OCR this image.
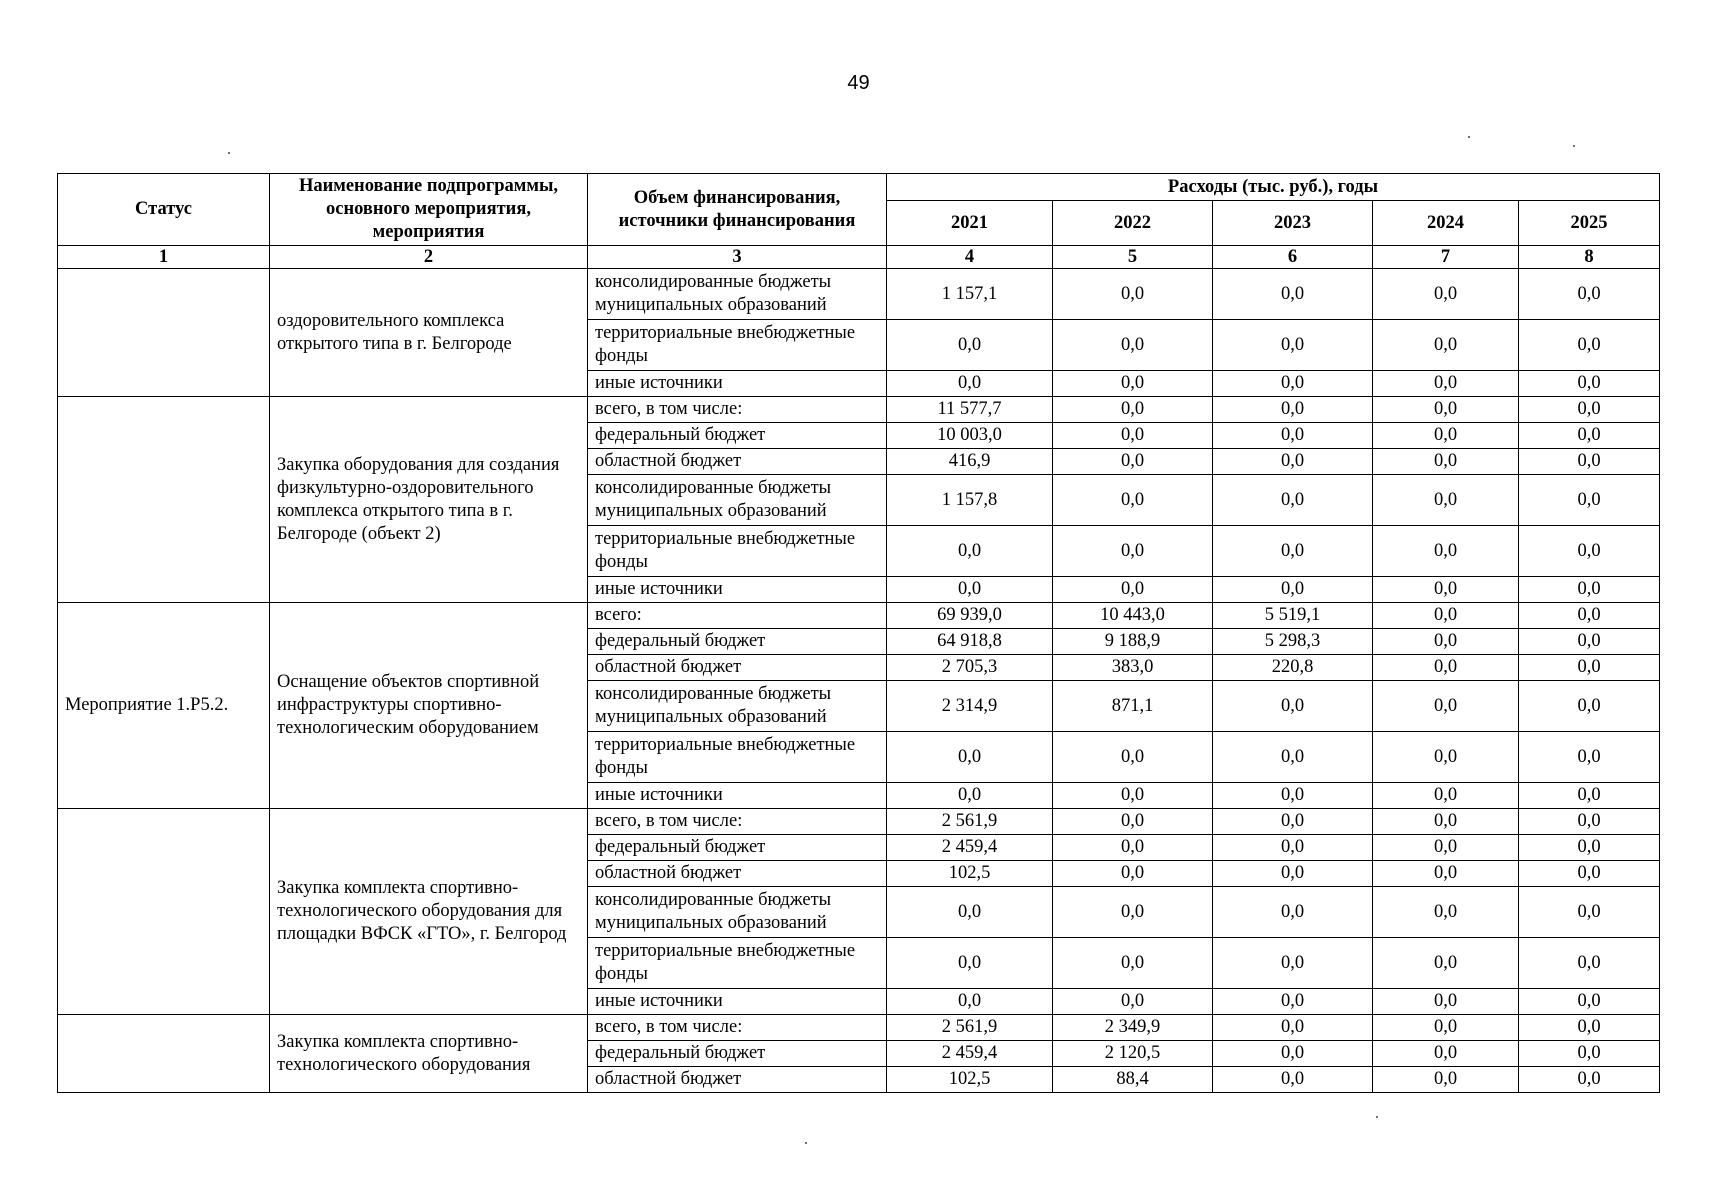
49
Статус	Наименование подпрограммы, основного мероприятия, мероприятия	Объем финансирования, источники финансирования	Расходы (тыс. руб.), годы				
			2021	2022	2023	2024	2025
1	2	3	4	5	6	7	8
	оздоровительного комплекса открытого типа в г. Белгороде	консолидированные бюджеты муниципальных образований	1 157,1	0,0	0,0	0,0	0,0
		территориальные внебюджетные фонды	0,0	0,0	0,0	0,0	0,0
		иные источники	0,0	0,0	0,0	0,0	0,0
	Закупка оборудования для создания физкультурно-оздоровительного комплекса открытого типа в г. Белгороде (объект 2)	всего, в том числе:	11 577,7	0,0	0,0	0,0	0,0
		федеральный бюджет	10 003,0	0,0	0,0	0,0	0,0
		областной бюджет	416,9	0,0	0,0	0,0	0,0
		консолидированные бюджеты муниципальных образований	1 157,8	0,0	0,0	0,0	0,0
		территориальные внебюджетные фонды	0,0	0,0	0,0	0,0	0,0
		иные источники	0,0	0,0	0,0	0,0	0,0
Мероприятие 1.Р5.2.	Оснащение объектов спортивной инфраструктуры спортивно-технологическим оборудованием	всего:	69 939,0	10 443,0	5 519,1	0,0	0,0
		федеральный бюджет	64 918,8	9 188,9	5 298,3	0,0	0,0
		областной бюджет	2 705,3	383,0	220,8	0,0	0,0
		консолидированные бюджеты муниципальных образований	2 314,9	871,1	0,0	0,0	0,0
		территориальные внебюджетные фонды	0,0	0,0	0,0	0,0	0,0
		иные источники	0,0	0,0	0,0	0,0	0,0
	Закупка комплекта спортивно-технологического оборудования для площадки ВФСК «ГТО», г. Белгород	всего, в том числе:	2 561,9	0,0	0,0	0,0	0,0
		федеральный бюджет	2 459,4	0,0	0,0	0,0	0,0
		областной бюджет	102,5	0,0	0,0	0,0	0,0
		консолидированные бюджеты муниципальных образований	0,0	0,0	0,0	0,0	0,0
		территориальные внебюджетные фонды	0,0	0,0	0,0	0,0	0,0
		иные источники	0,0	0,0	0,0	0,0	0,0
	Закупка комплекта спортивно-технологического оборудования	всего, в том числе:	2 561,9	2 349,9	0,0	0,0	0,0
		федеральный бюджет	2 459,4	2 120,5	0,0	0,0	0,0
		областной бюджет	102,5	88,4	0,0	0,0	0,0
